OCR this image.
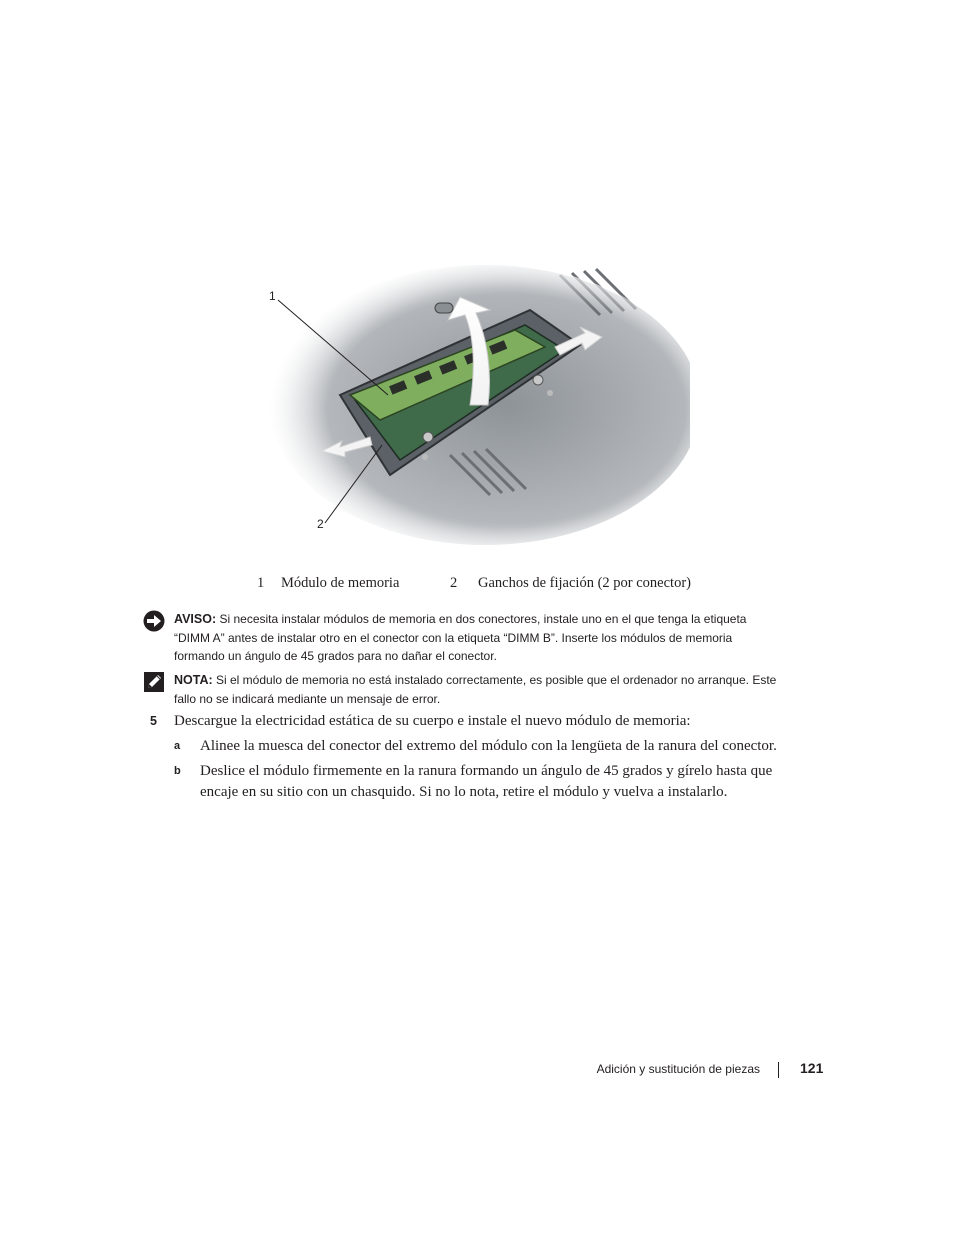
1
2
1 Módulo de memoria	2 Ganchos de fijación (2 por conector)
AVISO: Si necesita instalar módulos de memoria en dos conectores, instale uno en el que tenga la etiqueta
“DIMM A” antes de instalar otro en el conector con la etiqueta “DIMM B”. Inserte los módulos de memoria
formando un ángulo de 45 grados para no dañar el conector.
NOTA: Si el módulo de memoria no está instalado correctamente, es posible que el ordenador no arranque. Este
fallo no se indicará mediante un mensaje de error.
5 Descargue la electricidad estática de su cuerpo e instale el nuevo módulo de memoria:
a Alinee la muesca del conector del extremo del módulo con la lengüeta de la ranura del conector.
b Deslice el módulo firmemente en la ranura formando un ángulo de 45 grados y gírelo hasta que
encaje en su sitio con un chasquido. Si no lo nota, retire el módulo y vuelva a instalarlo.
Adición y sustitución de piezas	121
